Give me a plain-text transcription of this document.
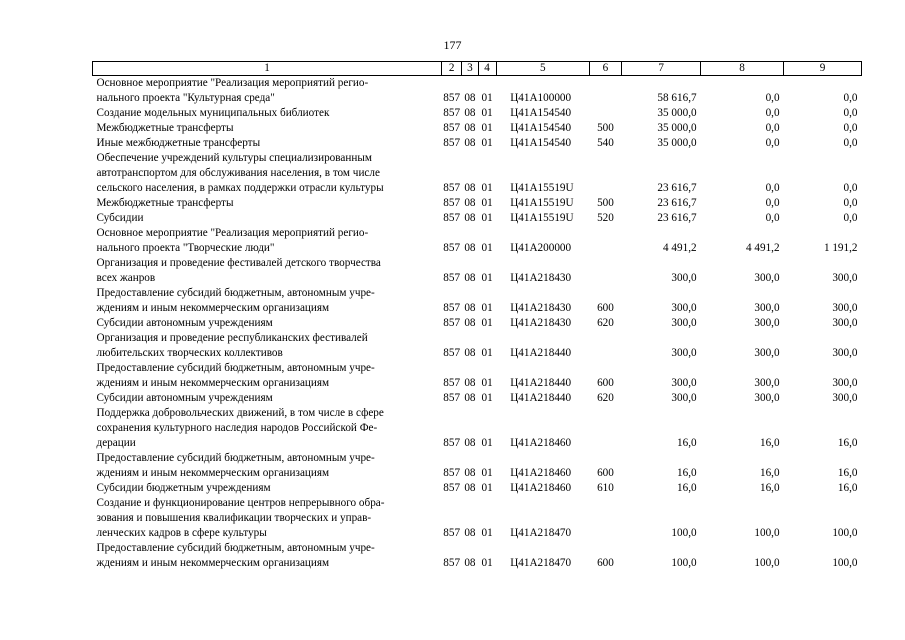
177
1	2	3	4	5	6	7	8	9

Основное мероприятие "Реализация мероприятий регио-
нального проекта "Культурная среда"	857	08	01	Ц41А100000		58 616,7	0,0	0,0

Создание модельных муниципальных библиотек	857	08	01	Ц41А154540		35 000,0	0,0	0,0

Межбюджетные трансферты	857	08	01	Ц41А154540	500	35 000,0	0,0	0,0

Иные межбюджетные трансферты	857	08	01	Ц41А154540	540	35 000,0	0,0	0,0

Обеспечение учреждений культуры специализированным
автотранспортом для обслуживания населения, в том числе
сельского населения, в рамках поддержки отрасли культуры	857	08	01	Ц41А15519U		23 616,7	0,0	0,0

Межбюджетные трансферты	857	08	01	Ц41А15519U	500	23 616,7	0,0	0,0

Субсидии	857	08	01	Ц41А15519U	520	23 616,7	0,0	0,0

Основное мероприятие "Реализация мероприятий регио-
нального проекта "Творческие люди"	857	08	01	Ц41А200000		4 491,2	4 491,2	1 191,2

Организация и проведение фестивалей детского творчества
всех жанров	857	08	01	Ц41А218430		300,0	300,0	300,0

Предоставление субсидий бюджетным, автономным учре-
ждениям и иным некоммерческим организациям	857	08	01	Ц41А218430	600	300,0	300,0	300,0

Субсидии автономным учреждениям	857	08	01	Ц41А218430	620	300,0	300,0	300,0

Организация и проведение республиканских фестивалей
любительских творческих коллективов	857	08	01	Ц41А218440		300,0	300,0	300,0

Предоставление субсидий бюджетным, автономным учре-
ждениям и иным некоммерческим организациям	857	08	01	Ц41А218440	600	300,0	300,0	300,0

Субсидии автономным учреждениям	857	08	01	Ц41А218440	620	300,0	300,0	300,0

Поддержка добровольческих движений, в том числе в сфере
сохранения культурного наследия народов Российской Фе-
дерации	857	08	01	Ц41А218460		16,0	16,0	16,0

Предоставление субсидий бюджетным, автономным учре-
ждениям и иным некоммерческим организациям	857	08	01	Ц41А218460	600	16,0	16,0	16,0

Субсидии бюджетным учреждениям	857	08	01	Ц41А218460	610	16,0	16,0	16,0

Создание и функционирование центров непрерывного обра-
зования и повышения квалификации творческих и управ-
ленческих кадров в сфере культуры	857	08	01	Ц41А218470		100,0	100,0	100,0

Предоставление субсидий бюджетным, автономным учре-
ждениям и иным некоммерческим организациям	857	08	01	Ц41А218470	600	100,0	100,0	100,0
